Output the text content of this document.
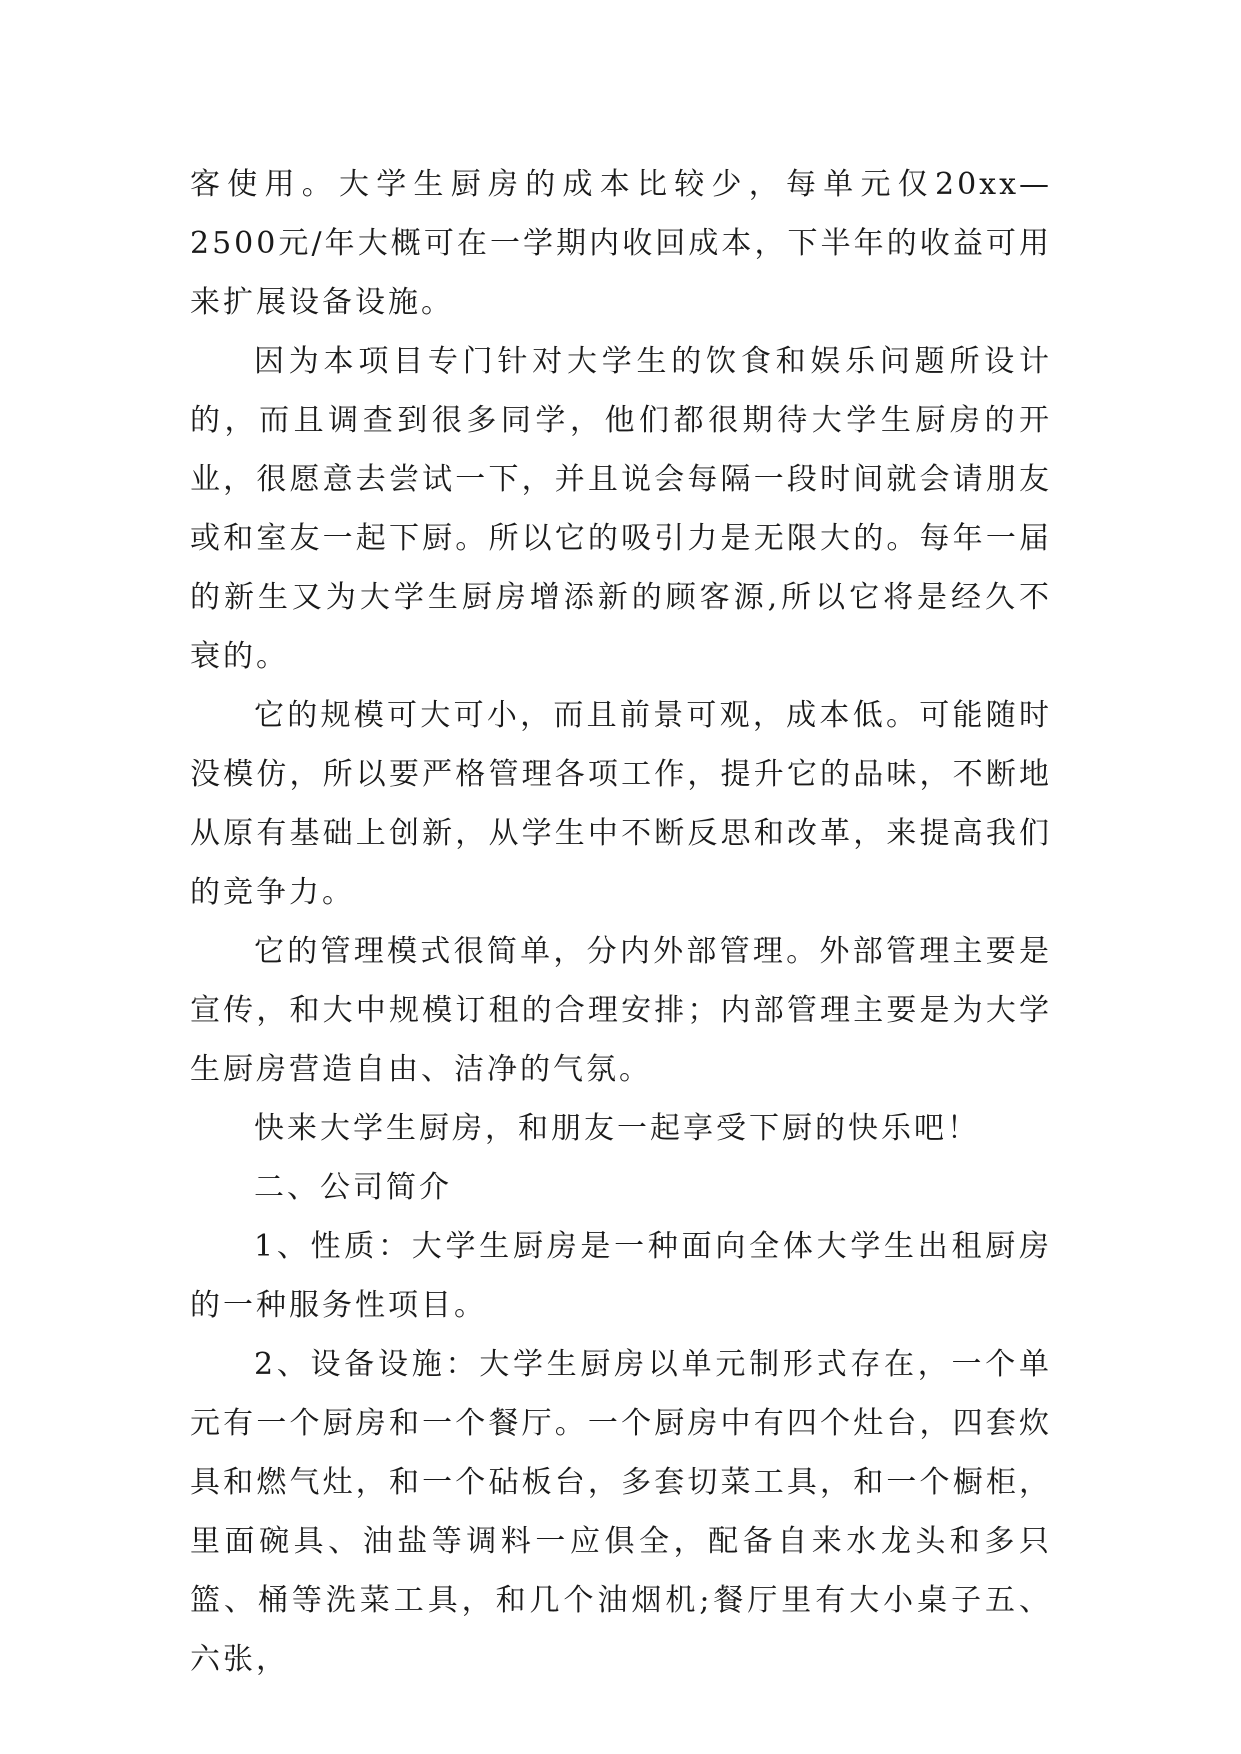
客使用。大学生厨房的成本比较少，每单元仅20xx—2500元/年大概可在一学期内收回成本，下半年的收益可用来扩展设备设施。

因为本项目专门针对大学生的饮食和娱乐问题所设计的，而且调查到很多同学，他们都很期待大学生厨房的开业，很愿意去尝试一下，并且说会每隔一段时间就会请朋友或和室友一起下厨。所以它的吸引力是无限大的。每年一届的新生又为大学生厨房增添新的顾客源,所以它将是经久不衰的。

它的规模可大可小，而且前景可观，成本低。可能随时没模仿，所以要严格管理各项工作，提升它的品味，不断地从原有基础上创新，从学生中不断反思和改革，来提高我们的竞争力。

它的管理模式很简单，分内外部管理。外部管理主要是宣传，和大中规模订租的合理安排；内部管理主要是为大学生厨房营造自由、洁净的气氛。

快来大学生厨房，和朋友一起享受下厨的快乐吧！

二、公司简介

1、性质：大学生厨房是一种面向全体大学生出租厨房的一种服务性项目。

2、设备设施：大学生厨房以单元制形式存在，一个单元有一个厨房和一个餐厅。一个厨房中有四个灶台，四套炊具和燃气灶，和一个砧板台，多套切菜工具，和一个橱柜，里面碗具、油盐等调料一应俱全，配备自来水龙头和多只篮、桶等洗菜工具，和几个油烟机;餐厅里有大小桌子五、六张，
